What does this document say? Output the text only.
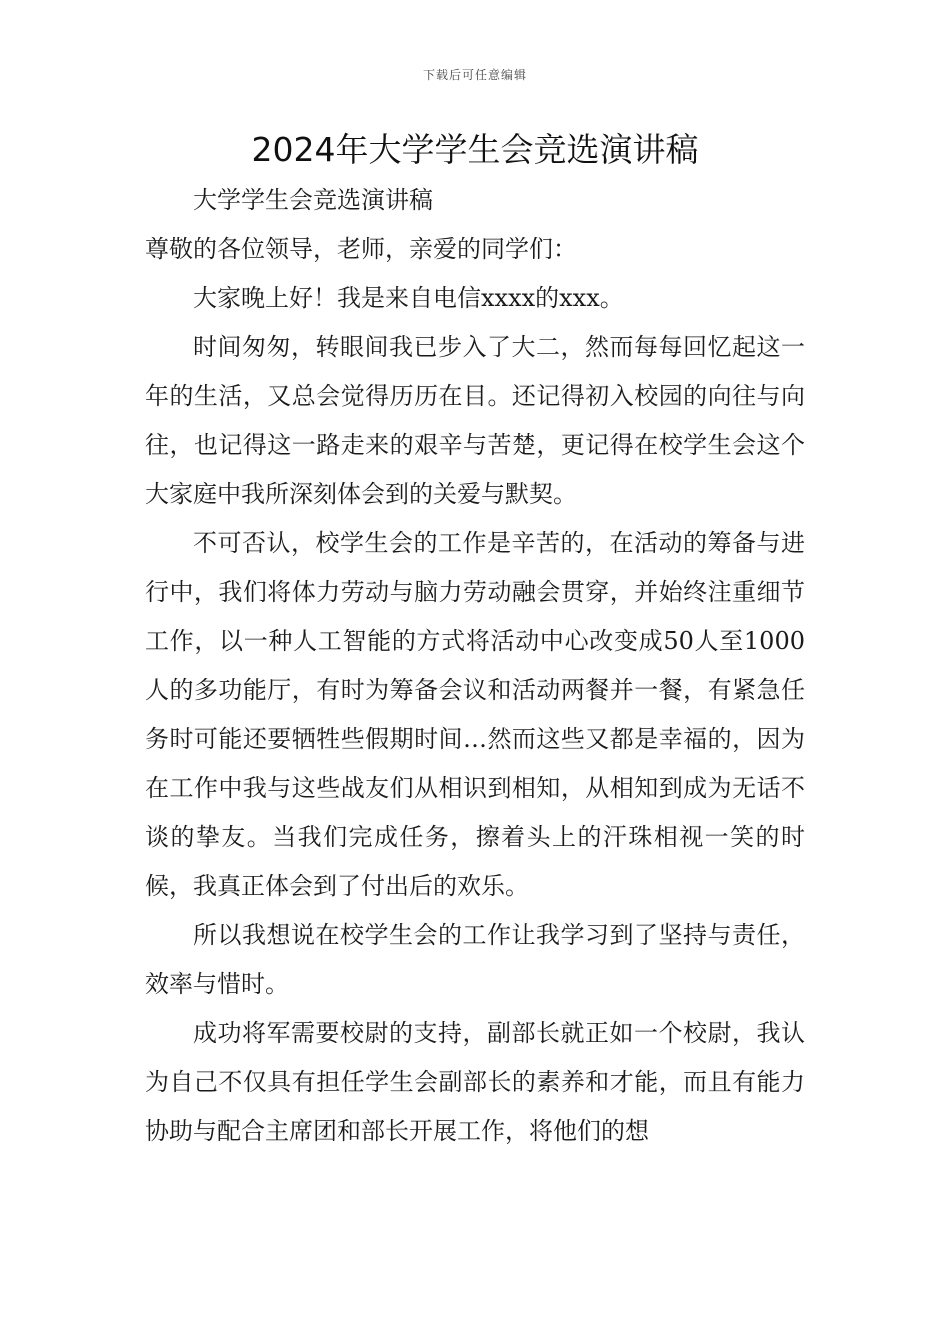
下载后可任意编辑
2024年大学学生会竞选演讲稿

大学学生会竞选演讲稿

尊敬的各位领导，老师，亲爱的同学们：

大家晚上好！我是来自电信xxxx的xxx。

时间匆匆，转眼间我已步入了大二，然而每每回忆起这一年的生活，又总会觉得历历在目。还记得初入校园的向往与向往，也记得这一路走来的艰辛与苦楚，更记得在校学生会这个大家庭中我所深刻体会到的关爱与默契。

不可否认，校学生会的工作是辛苦的，在活动的筹备与进行中，我们将体力劳动与脑力劳动融会贯穿，并始终注重细节工作，以一种人工智能的方式将活动中心改变成50人至1000人的多功能厅，有时为筹备会议和活动两餐并一餐，有紧急任务时可能还要牺牲些假期时间…然而这些又都是幸福的，因为在工作中我与这些战友们从相识到相知，从相知到成为无话不谈的挚友。当我们完成任务，擦着头上的汗珠相视一笑的时候，我真正体会到了付出后的欢乐。

所以我想说在校学生会的工作让我学习到了坚持与责任，效率与惜时。

成功将军需要校尉的支持，副部长就正如一个校尉，我认为自己不仅具有担任学生会副部长的素养和才能，而且有能力协助与配合主席团和部长开展工作，将他们的想
